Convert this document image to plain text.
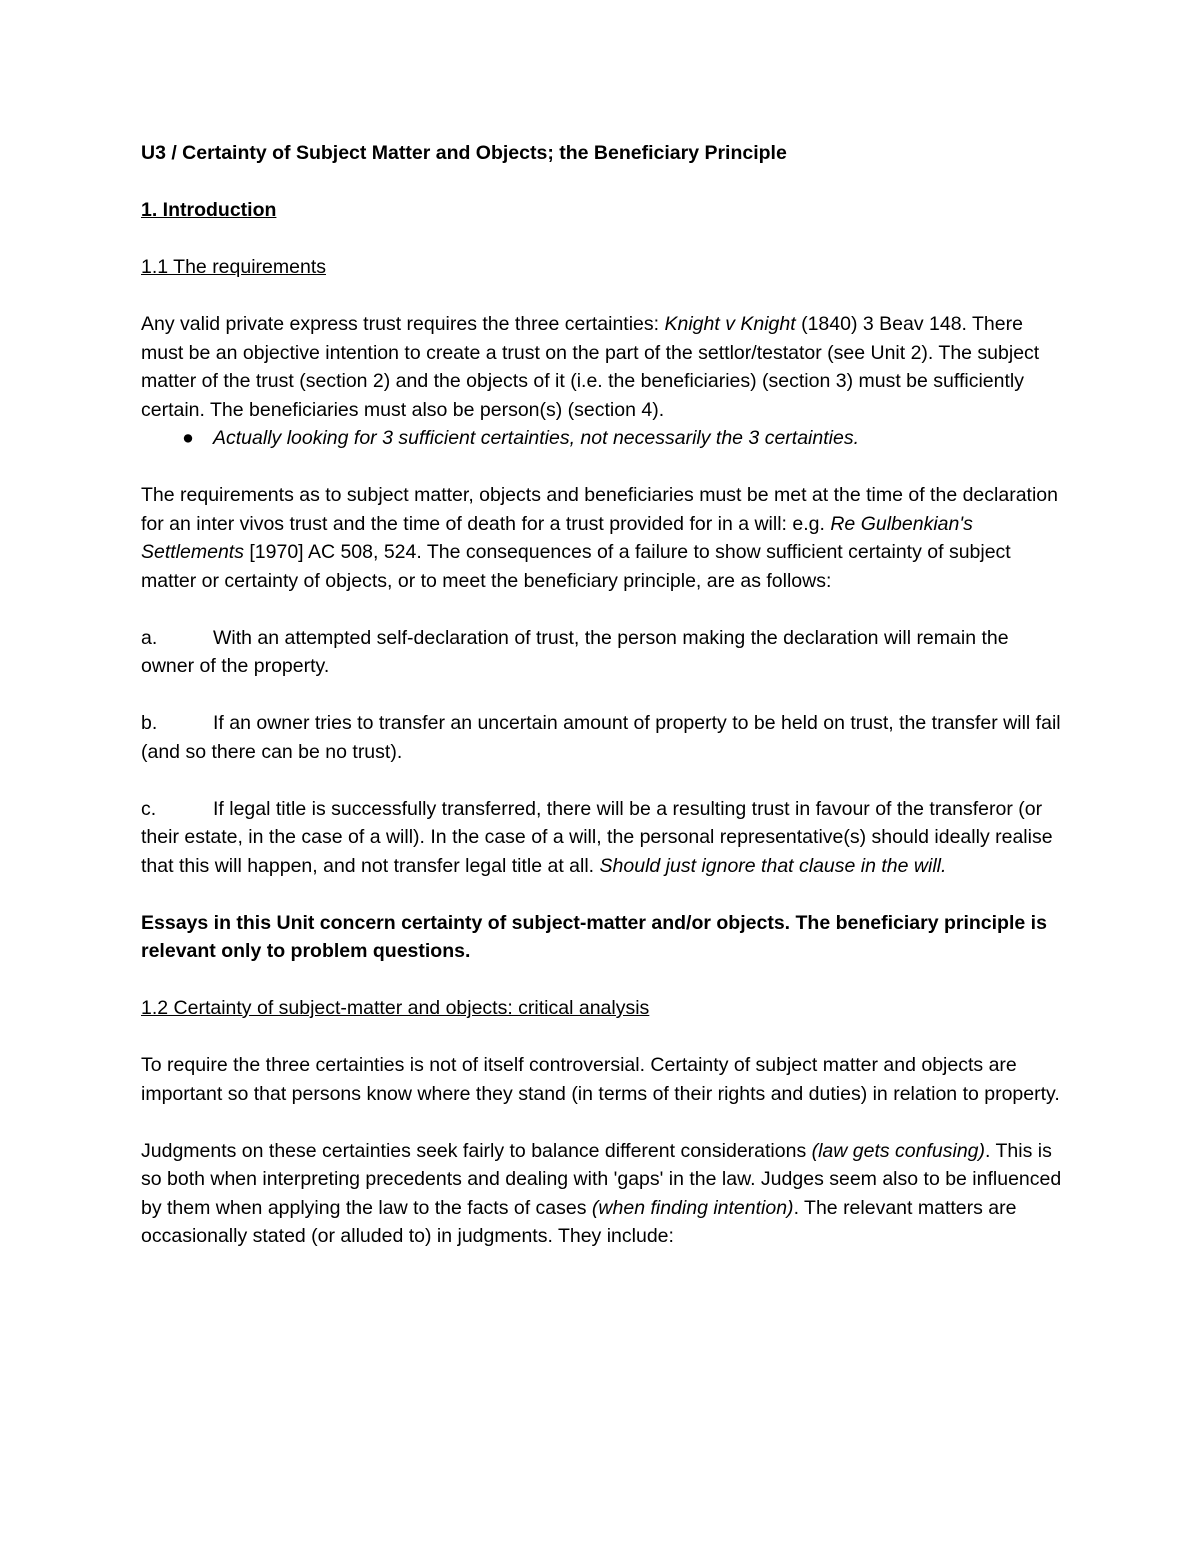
U3 / Certainty of Subject Matter and Objects; the Beneficiary Principle
1. Introduction
1.1 The requirements

Any valid private express trust requires the three certainties: Knight v Knight (1840) 3 Beav 148. There must be an objective intention to create a trust on the part of the settlor/testator (see Unit 2). The subject matter of the trust (section 2) and the objects of it (i.e. the beneficiaries) (section 3) must be sufficiently certain. The beneficiaries must also be person(s) (section 4).

● Actually looking for 3 sufficient certainties, not necessarily the 3 certainties.

The requirements as to subject matter, objects and beneficiaries must be met at the time of the declaration for an inter vivos trust and the time of death for a trust provided for in a will: e.g. Re Gulbenkian's Settlements [1970] AC 508, 524. The consequences of a failure to show sufficient certainty of subject matter or certainty of objects, or to meet the beneficiary principle, are as follows:

a.	With an attempted self-declaration of trust, the person making the declaration will remain the owner of the property.

b.	If an owner tries to transfer an uncertain amount of property to be held on trust, the transfer will fail (and so there can be no trust).

c.	If legal title is successfully transferred, there will be a resulting trust in favour of the transferor (or their estate, in the case of a will). In the case of a will, the personal representative(s) should ideally realise that this will happen, and not transfer legal title at all. Should just ignore that clause in the will.

Essays in this Unit concern certainty of subject-matter and/or objects. The beneficiary principle is relevant only to problem questions.

1.2 Certainty of subject-matter and objects: critical analysis

To require the three certainties is not of itself controversial. Certainty of subject matter and objects are important so that persons know where they stand (in terms of their rights and duties) in relation to property.

Judgments on these certainties seek fairly to balance different considerations (law gets confusing). This is so both when interpreting precedents and dealing with 'gaps' in the law. Judges seem also to be influenced by them when applying the law to the facts of cases (when finding intention). The relevant matters are occasionally stated (or alluded to) in judgments. They include:
